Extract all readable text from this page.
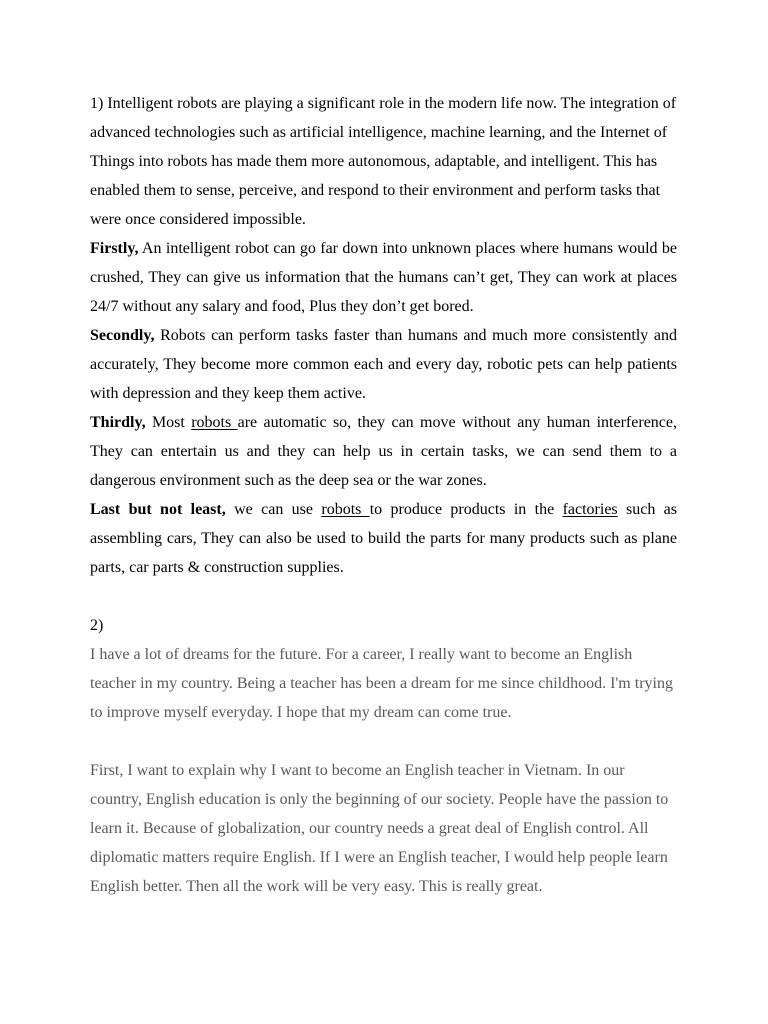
1) Intelligent robots are playing a significant role in the modern life now. The integration of advanced technologies such as artificial intelligence, machine learning, and the Internet of Things into robots has made them more autonomous, adaptable, and intelligent. This has enabled them to sense, perceive, and respond to their environment and perform tasks that were once considered impossible.

Firstly, An intelligent robot can go far down into unknown places where humans would be crushed, They can give us information that the humans can’t get, They can work at places 24/7 without any salary and food, Plus they don’t get bored.

Secondly, Robots can perform tasks faster than humans and much more consistently and accurately, They become more common each and every day, robotic pets can help patients with depression and they keep them active.

Thirdly, Most robots are automatic so, they can move without any human interference, They can entertain us and they can help us in certain tasks, we can send them to a dangerous environment such as the deep sea or the war zones.

Last but not least, we can use robots to produce products in the factories such as assembling cars, They can also be used to build the parts for many products such as plane parts, car parts & construction supplies.

2)

I have a lot of dreams for the future. For a career, I really want to become an English teacher in my country. Being a teacher has been a dream for me since childhood. I'm trying to improve myself everyday. I hope that my dream can come true.

First, I want to explain why I want to become an English teacher in Vietnam. In our country, English education is only the beginning of our society. People have the passion to learn it. Because of globalization, our country needs a great deal of English control. All diplomatic matters require English. If I were an English teacher, I would help people learn English better. Then all the work will be very easy. This is really great.
